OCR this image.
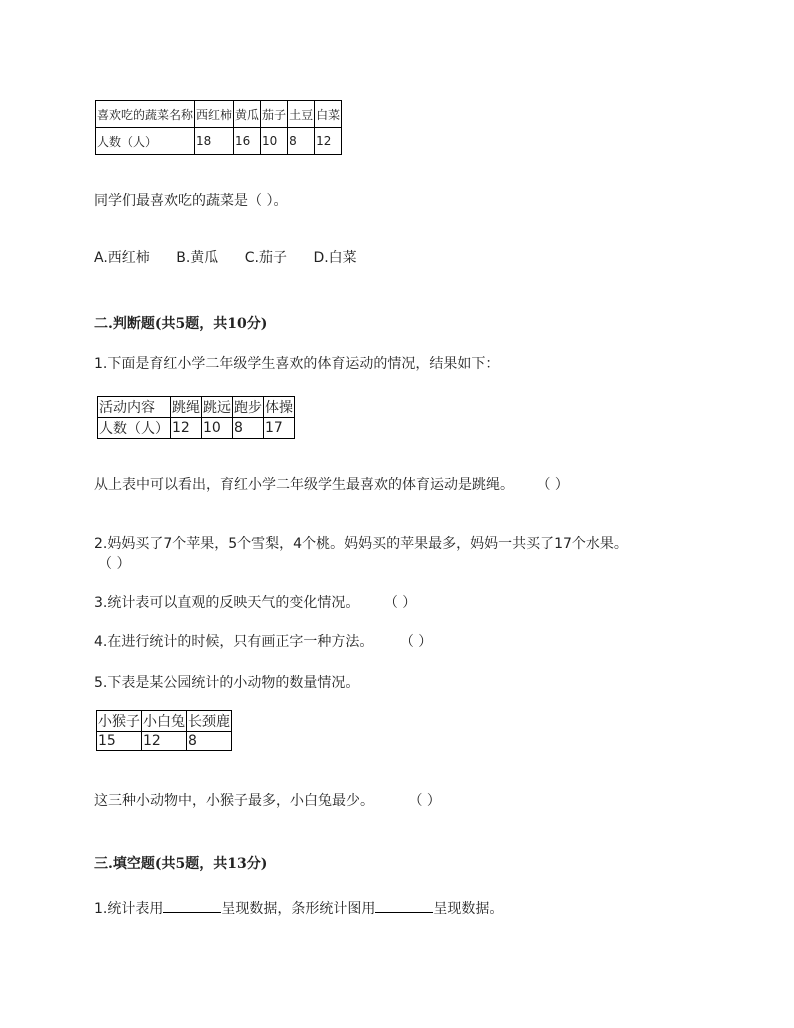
喜欢吃的蔬菜名称	西红柿	黄瓜	茄子	土豆	白菜
人数（人）	18	16	10	8	12
同学们最喜欢吃的蔬菜是（ ）。
A.西红柿 B.黄瓜 C.茄子 D.白菜
二.判断题(共5题，共10分)
1.下面是育红小学二年级学生喜欢的体育运动的情况，结果如下：
活动内容	跳绳	跳远	跑步	体操
人数（人）	12	10	8	17
从上表中可以看出，育红小学二年级学生最喜欢的体育运动是跳绳。 （ ）
2.妈妈买了7个苹果，5个雪梨，4个桃。妈妈买的苹果最多，妈妈一共买了17个水果。
（ ）
3.统计表可以直观的反映天气的变化情况。 （ ）
4.在进行统计的时候，只有画正字一种方法。 （ ）
5.下表是某公园统计的小动物的数量情况。
小猴子	小白兔	长颈鹿
15	12	8
这三种小动物中，小猴子最多，小白兔最少。 （ ）
三.填空题(共5题，共13分)
1.统计表用	呈现数据，条形统计图用	呈现数据。
